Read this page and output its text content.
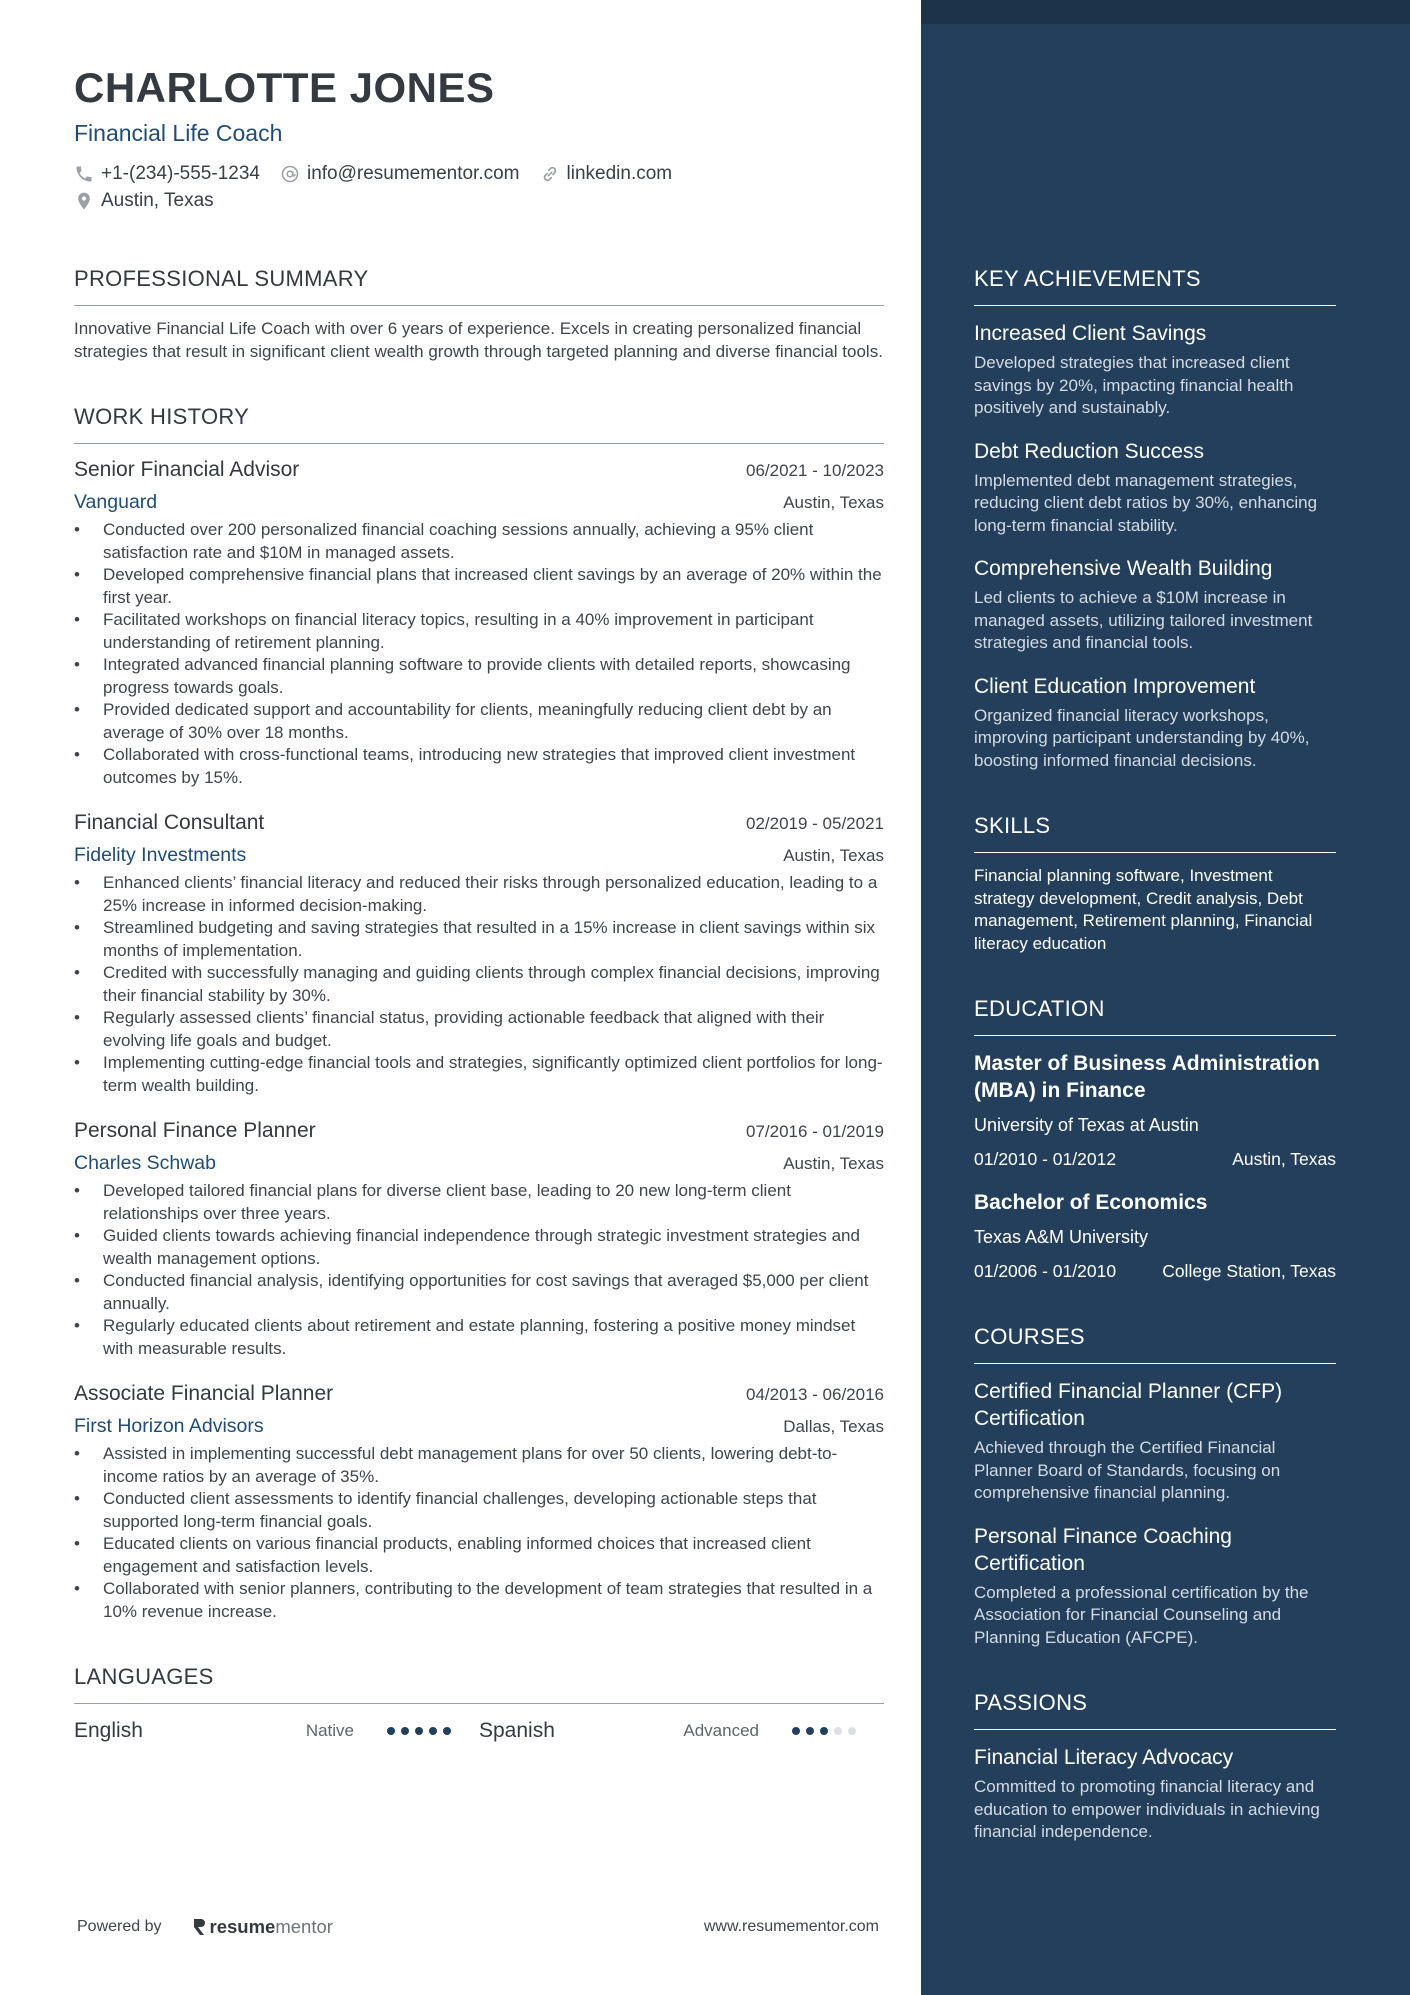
CHARLOTTE JONES
Financial Life Coach
+1-(234)-555-1234 info@resumementor.com linkedin.com
Austin, Texas
PROFESSIONAL SUMMARY
Innovative Financial Life Coach with over 6 years of experience. Excels in creating personalized financial strategies that result in significant client wealth growth through targeted planning and diverse financial tools.
WORK HISTORY
Senior Financial Advisor	06/2021 - 10/2023
Vanguard	Austin, Texas
• Conducted over 200 personalized financial coaching sessions annually, achieving a 95% client satisfaction rate and $10M in managed assets.
• Developed comprehensive financial plans that increased client savings by an average of 20% within the first year.
• Facilitated workshops on financial literacy topics, resulting in a 40% improvement in participant understanding of retirement planning.
• Integrated advanced financial planning software to provide clients with detailed reports, showcasing progress towards goals.
• Provided dedicated support and accountability for clients, meaningfully reducing client debt by an average of 30% over 18 months.
• Collaborated with cross-functional teams, introducing new strategies that improved client investment outcomes by 15%.
Financial Consultant	02/2019 - 05/2021
Fidelity Investments	Austin, Texas
• Enhanced clients’ financial literacy and reduced their risks through personalized education, leading to a 25% increase in informed decision-making.
• Streamlined budgeting and saving strategies that resulted in a 15% increase in client savings within six months of implementation.
• Credited with successfully managing and guiding clients through complex financial decisions, improving their financial stability by 30%.
• Regularly assessed clients’ financial status, providing actionable feedback that aligned with their evolving life goals and budget.
• Implementing cutting-edge financial tools and strategies, significantly optimized client portfolios for long-term wealth building.
Personal Finance Planner	07/2016 - 01/2019
Charles Schwab	Austin, Texas
• Developed tailored financial plans for diverse client base, leading to 20 new long-term client relationships over three years.
• Guided clients towards achieving financial independence through strategic investment strategies and wealth management options.
• Conducted financial analysis, identifying opportunities for cost savings that averaged $5,000 per client annually.
• Regularly educated clients about retirement and estate planning, fostering a positive money mindset with measurable results.
Associate Financial Planner	04/2013 - 06/2016
First Horizon Advisors	Dallas, Texas
• Assisted in implementing successful debt management plans for over 50 clients, lowering debt-to-income ratios by an average of 35%.
• Conducted client assessments to identify financial challenges, developing actionable steps that supported long-term financial goals.
• Educated clients on various financial products, enabling informed choices that increased client engagement and satisfaction levels.
• Collaborated with senior planners, contributing to the development of team strategies that resulted in a 10% revenue increase.
LANGUAGES
English	Native	Spanish	Advanced
Powered by	resume mentor	www.resumementor.com
KEY ACHIEVEMENTS
Increased Client Savings
Developed strategies that increased client savings by 20%, impacting financial health positively and sustainably.
Debt Reduction Success
Implemented debt management strategies, reducing client debt ratios by 30%, enhancing long-term financial stability.
Comprehensive Wealth Building
Led clients to achieve a $10M increase in managed assets, utilizing tailored investment strategies and financial tools.
Client Education Improvement
Organized financial literacy workshops, improving participant understanding by 40%, boosting informed financial decisions.
SKILLS
Financial planning software, Investment strategy development, Credit analysis, Debt management, Retirement planning, Financial literacy education
EDUCATION
Master of Business Administration (MBA) in Finance
University of Texas at Austin
01/2010 - 01/2012	Austin, Texas
Bachelor of Economics
Texas A&M University
01/2006 - 01/2010	College Station, Texas
COURSES
Certified Financial Planner (CFP) Certification
Achieved through the Certified Financial Planner Board of Standards, focusing on comprehensive financial planning.
Personal Finance Coaching Certification
Completed a professional certification by the Association for Financial Counseling and Planning Education (AFCPE).
PASSIONS
Financial Literacy Advocacy
Committed to promoting financial literacy and education to empower individuals in achieving financial independence.
